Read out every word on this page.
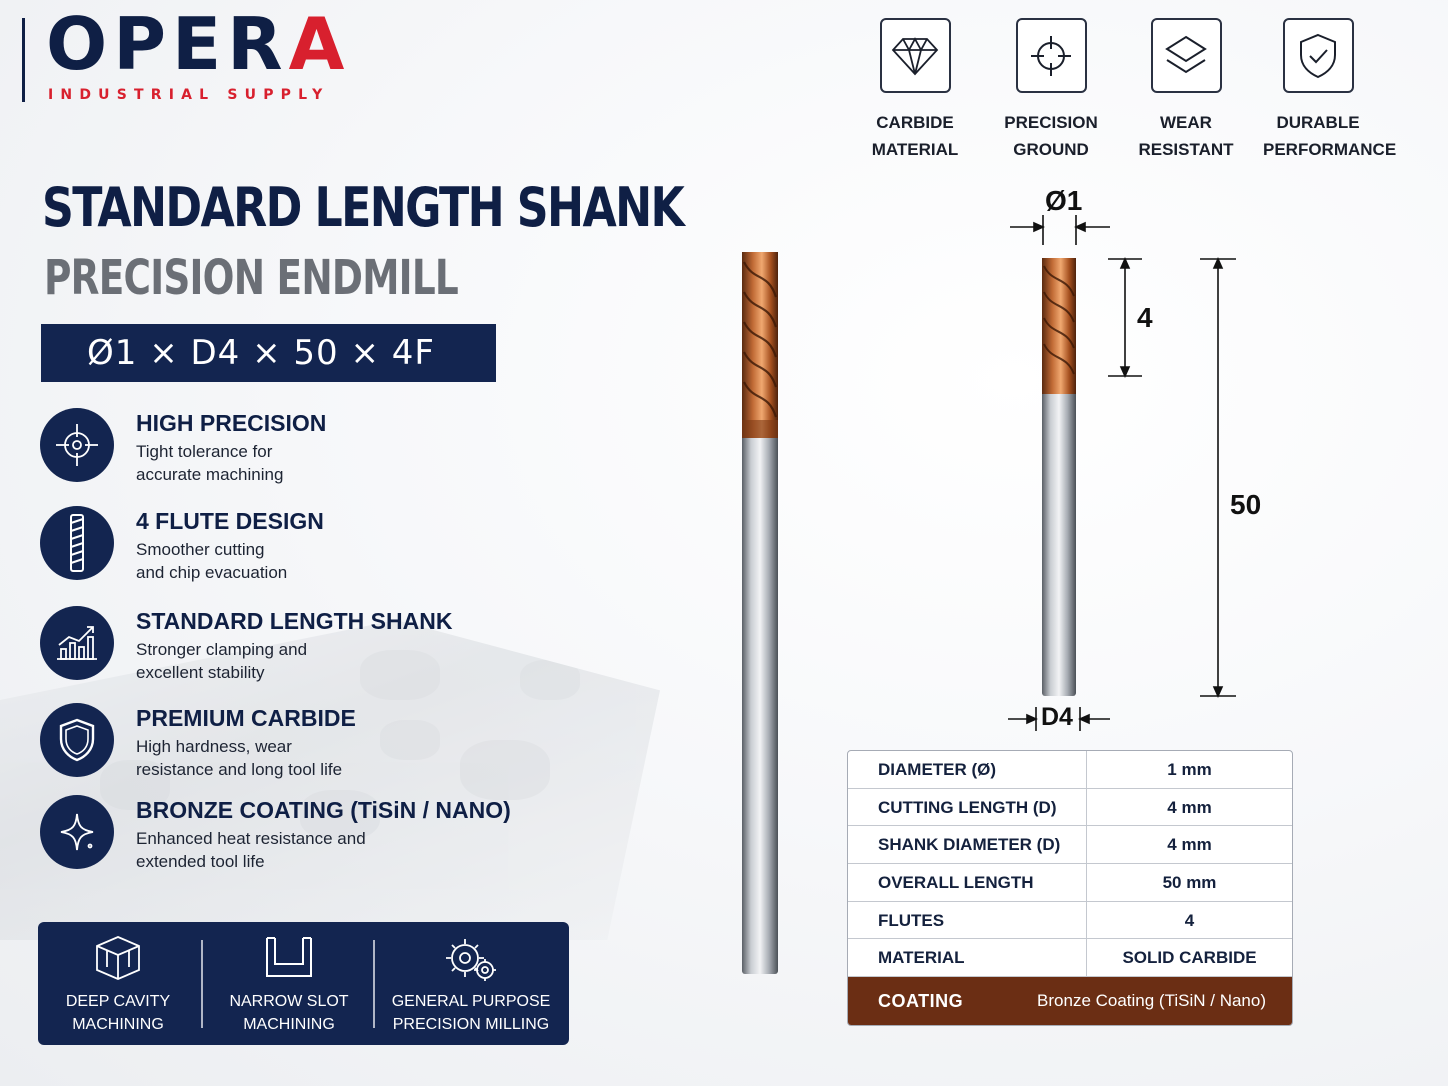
OPERA
INDUSTRIAL SUPPLY
STANDARD LENGTH SHANK
PRECISION ENDMILL
Ø1 × D4 × 50 × 4F
HIGH PRECISION
Tight tolerance for
accurate machining
4 FLUTE DESIGN
Smoother cutting
and chip evacuation
STANDARD LENGTH SHANK
Stronger clamping and
excellent stability
PREMIUM CARBIDE
High hardness, wear
resistance and long tool life
BRONZE COATING (TiSiN / NANO)
Enhanced heat resistance and
extended tool life
DEEP CAVITY
MACHINING
NARROW SLOT
MACHINING
GENERAL PURPOSE
PRECISION MILLING
CARBIDE
MATERIAL
PRECISION
GROUND
WEAR
RESISTANT
DURABLE
PERFORMANCE
Ø1
4
50
D4
DIAMETER (Ø)	1 mm
CUTTING LENGTH (D)	4 mm
SHANK DIAMETER (D)	4 mm
OVERALL LENGTH	50 mm
FLUTES	4
MATERIAL	SOLID CARBIDE
COATING	Bronze Coating (TiSiN / Nano)
